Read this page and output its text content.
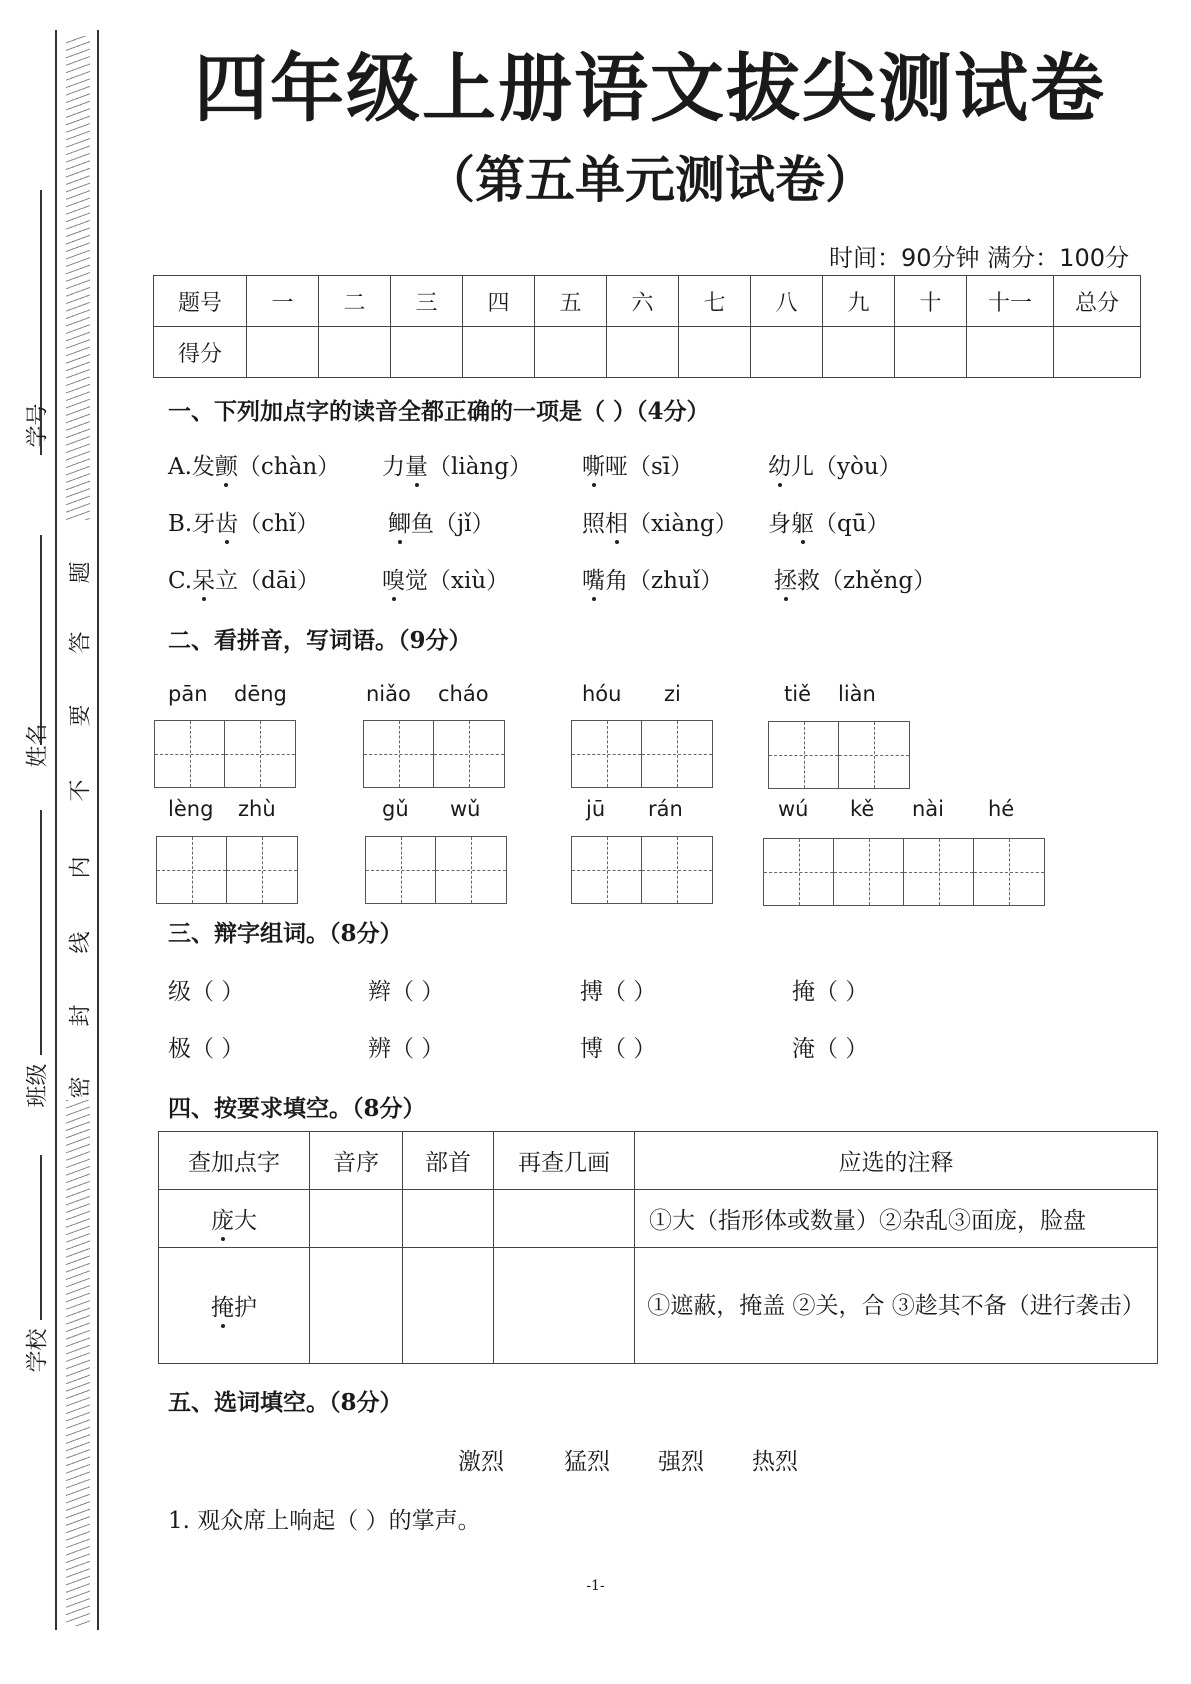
题
答
要
不
内
线
封
密
学号
姓名
班级
学校
四年级上册语文拔尖测试卷
（第五单元测试卷）
时间：90分钟 满分：100分
题号	一	二	三	四	五	六	七	八	九	十	十一	总分
得分												
一、下列加点字的读音全都正确的一项是（ ）（4分）
A.发颤（chàn） 力量（liàng） 嘶哑（sī）	幼儿（yòu）
B.牙齿（chǐ）	鲫鱼（jǐ）	照相（xiàng） 身躯（qū）
C.呆立（dāi）	嗅觉（xiù）	嘴角（zhuǐ） 拯救（zhěng）
二、看拼音，写词语。（9分）
pān dēng	niǎo cháo	hóu zi	tiě liàn
lèng zhù	gǔ wǔ	jū rán	wú kě nài hé
三、辩字组词。（8分）
级（ ）	辫（ ）	搏（ ）	掩（ ）
极（ ）	辨（ ）	博（ ）	淹（ ）
四、按要求填空。（8分）
查加点字	音序	部首	再查几画	应选的注释
庞大				①大（指形体或数量）②杂乱③面庞，脸盘
掩护				①遮蔽，掩盖 ②关，合 ③趁其不备（进行袭击）
五、选词填空。（8分）
激烈	猛烈 强烈 热烈
1. 观众席上响起（ ）的掌声。
-1-
